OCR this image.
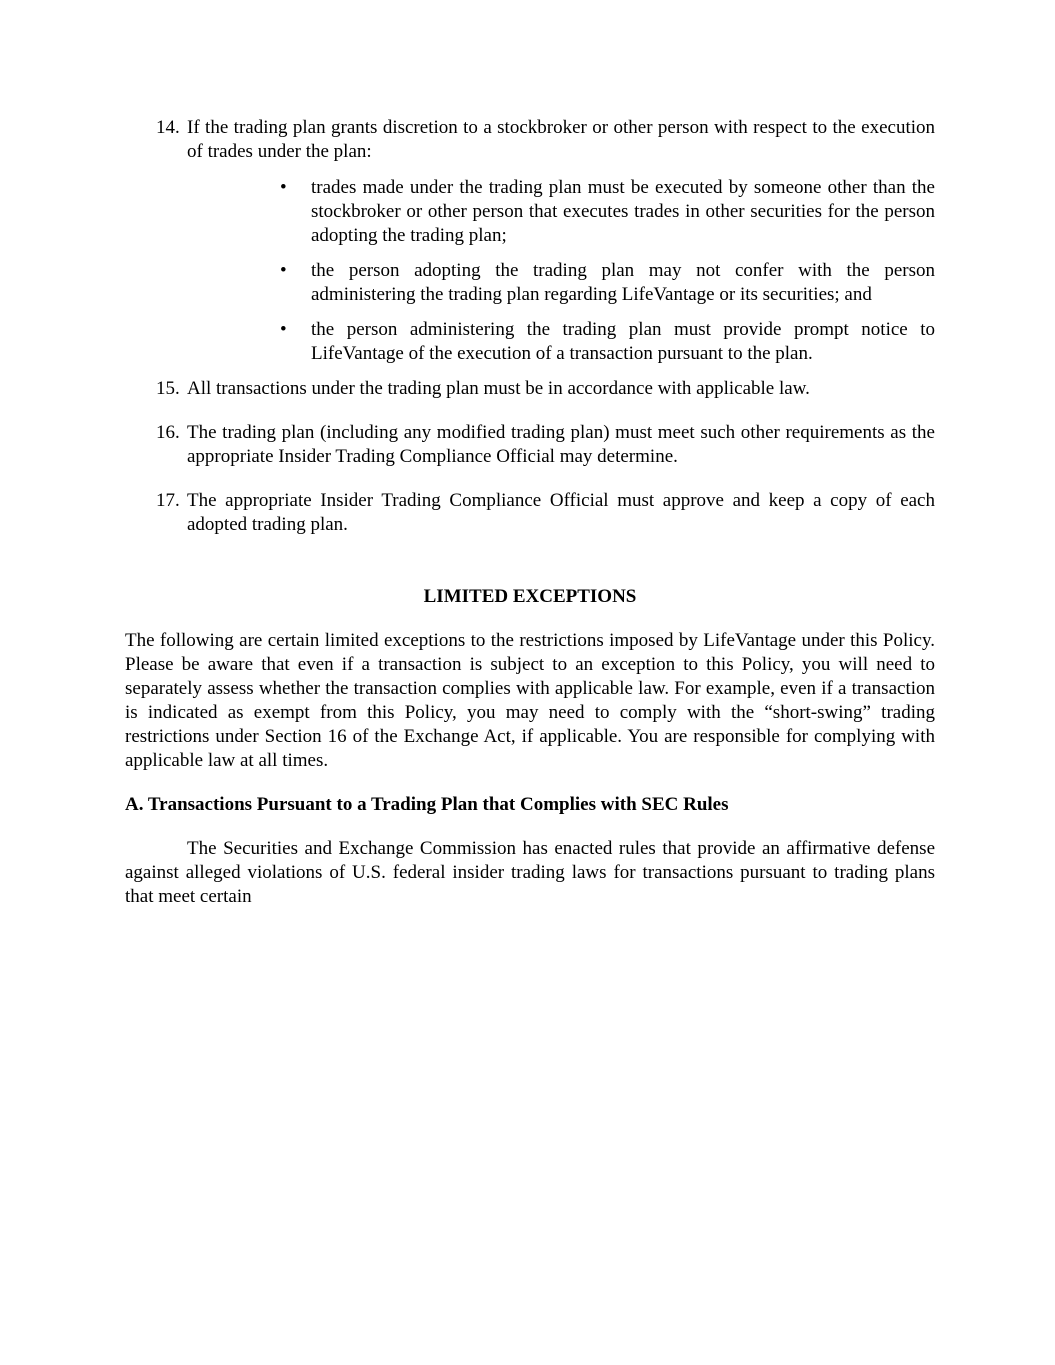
14. If the trading plan grants discretion to a stockbroker or other person with respect to the execution of trades under the plan:
• trades made under the trading plan must be executed by someone other than the stockbroker or other person that executes trades in other securities for the person adopting the trading plan;
• the person adopting the trading plan may not confer with the person administering the trading plan regarding LifeVantage or its securities; and
• the person administering the trading plan must provide prompt notice to LifeVantage of the execution of a transaction pursuant to the plan.
15. All transactions under the trading plan must be in accordance with applicable law.
16. The trading plan (including any modified trading plan) must meet such other requirements as the appropriate Insider Trading Compliance Official may determine.
17. The appropriate Insider Trading Compliance Official must approve and keep a copy of each adopted trading plan.
LIMITED EXCEPTIONS
The following are certain limited exceptions to the restrictions imposed by LifeVantage under this Policy. Please be aware that even if a transaction is subject to an exception to this Policy, you will need to separately assess whether the transaction complies with applicable law. For example, even if a transaction is indicated as exempt from this Policy, you may need to comply with the “short-swing” trading restrictions under Section 16 of the Exchange Act, if applicable. You are responsible for complying with applicable law at all times.
A. Transactions Pursuant to a Trading Plan that Complies with SEC Rules
The Securities and Exchange Commission has enacted rules that provide an affirmative defense against alleged violations of U.S. federal insider trading laws for transactions pursuant to trading plans that meet certain
